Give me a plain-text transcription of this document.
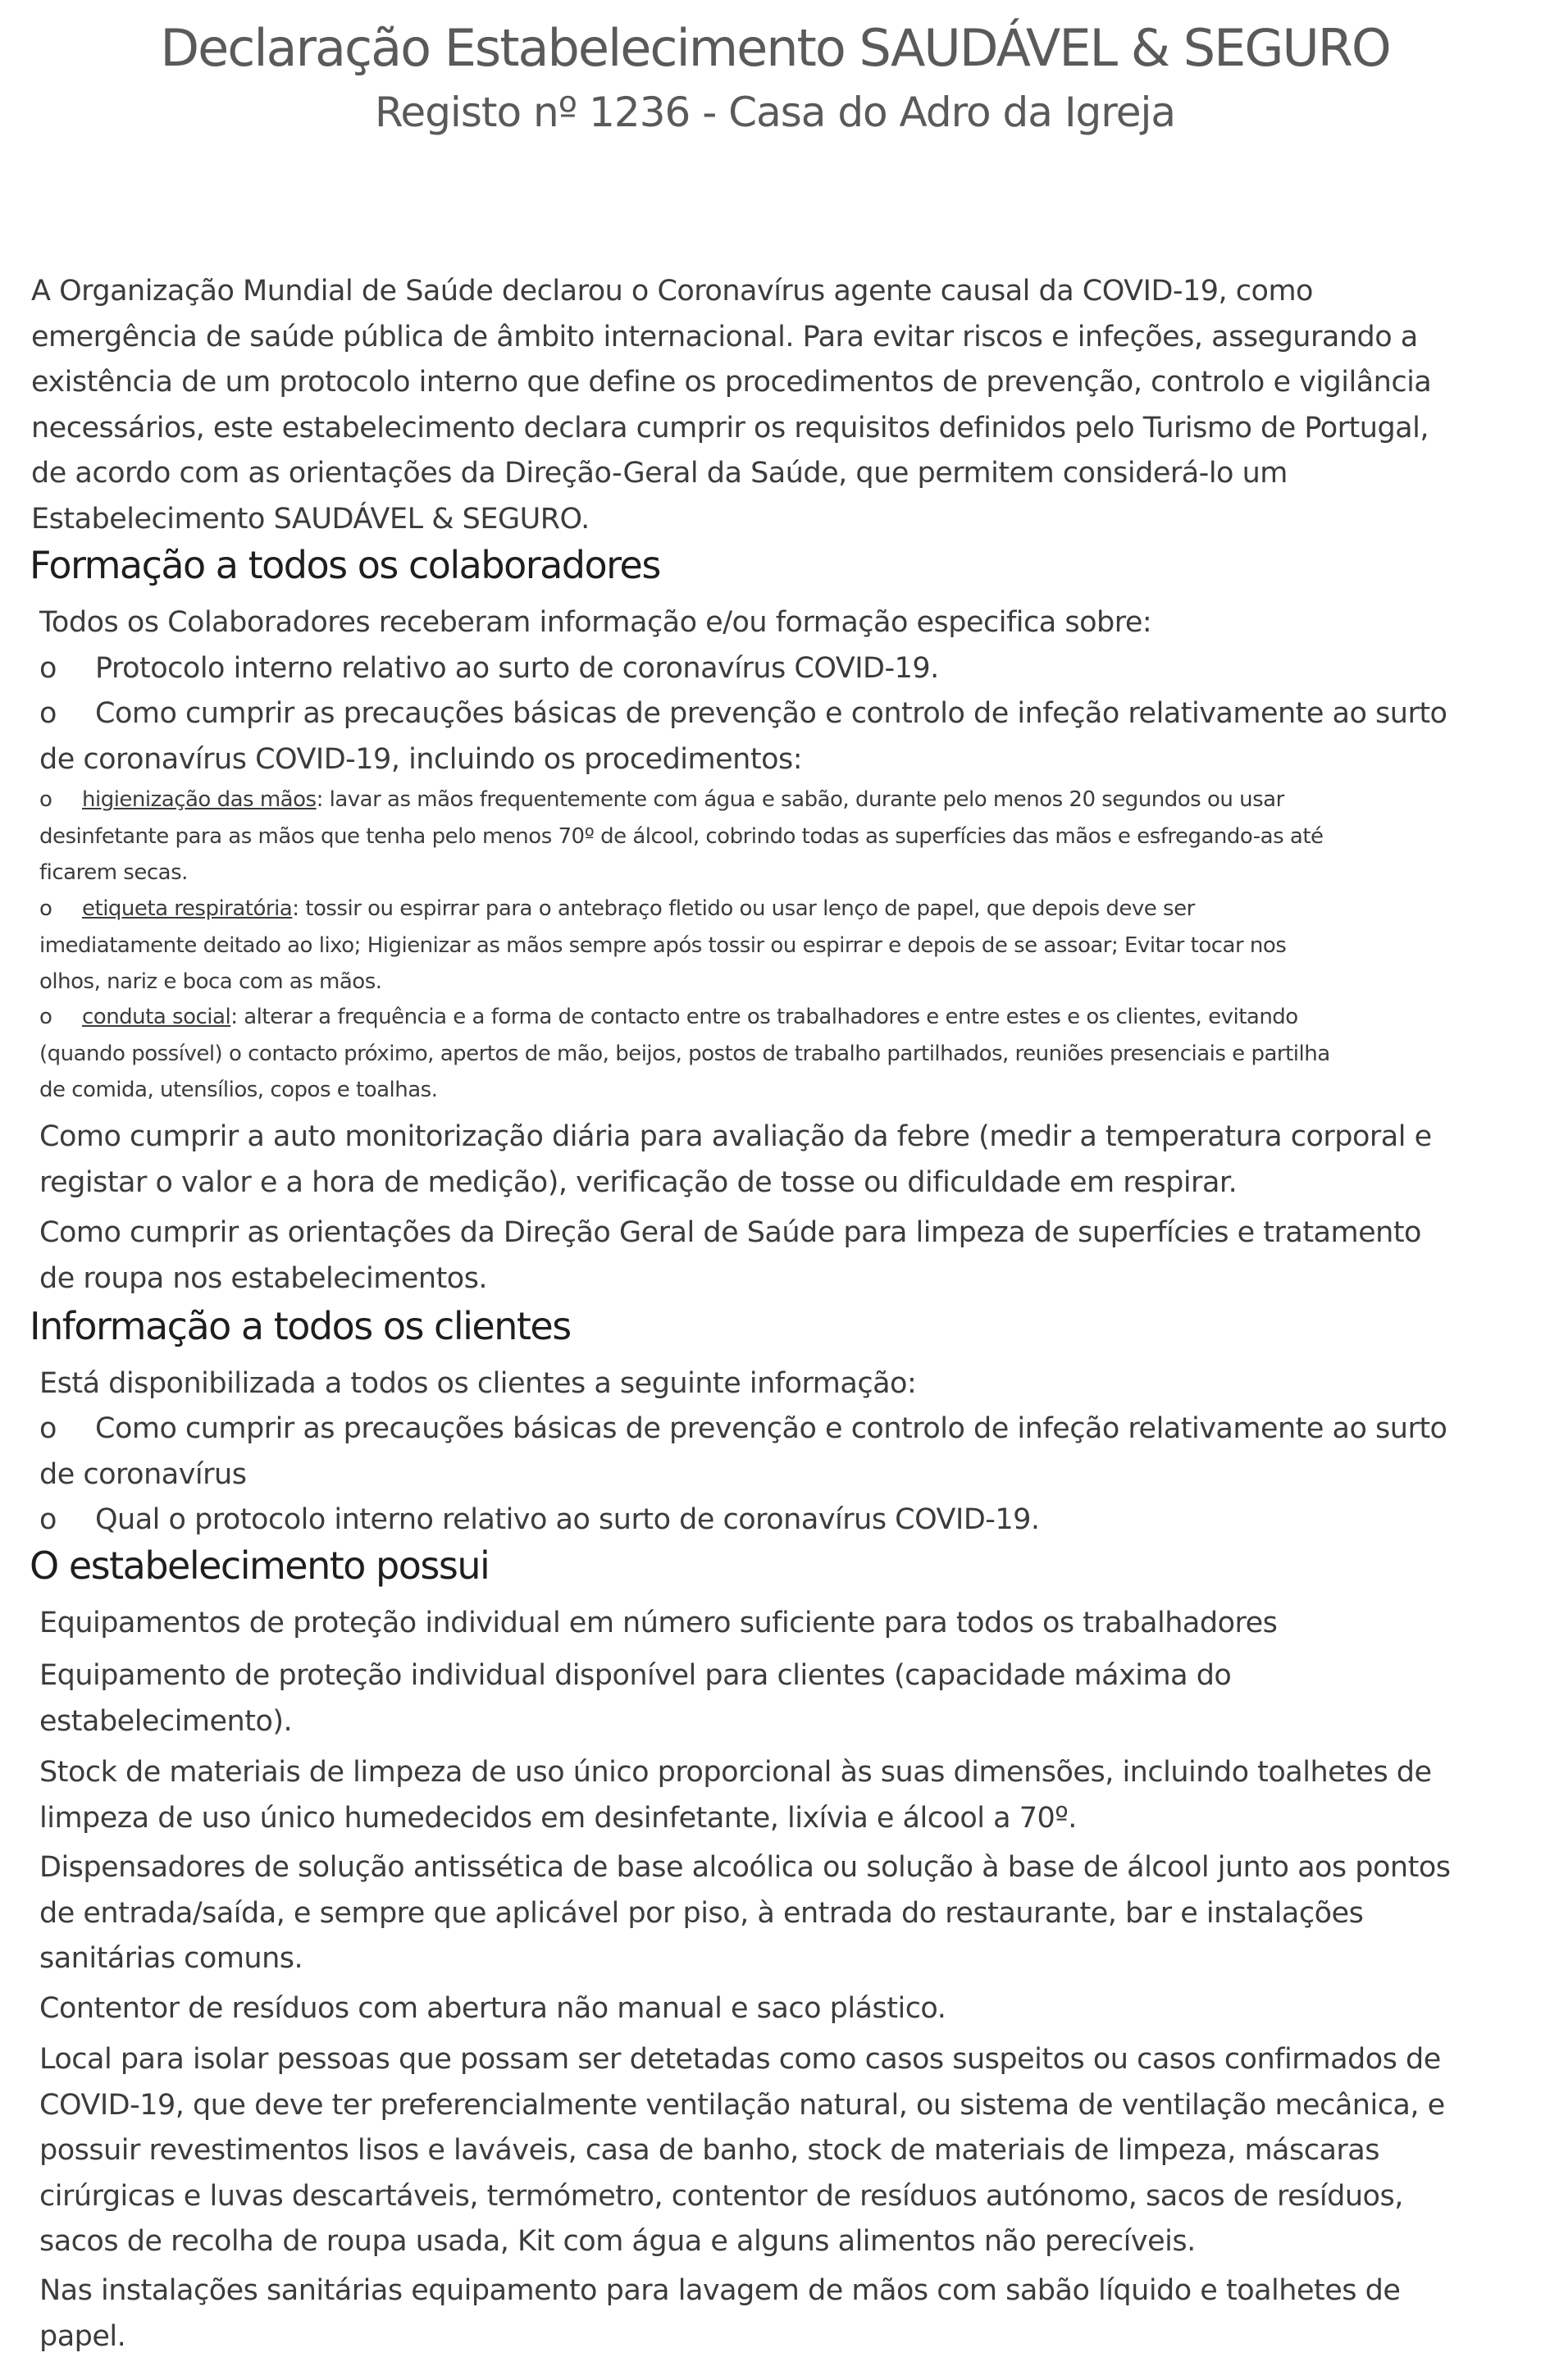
Declaração Estabelecimento SAUDÁVEL & SEGURO
Registo nº 1236 - Casa do Adro da Igreja
A Organização Mundial de Saúde declarou o Coronavírus agente causal da COVID-19, como
emergência de saúde pública de âmbito internacional. Para evitar riscos e infeções, assegurando a
existência de um protocolo interno que define os procedimentos de prevenção, controlo e vigilância
necessários, este estabelecimento declara cumprir os requisitos definidos pelo Turismo de Portugal,
de acordo com as orientações da Direção-Geral da Saúde, que permitem considerá-lo um
Estabelecimento SAUDÁVEL & SEGURO.
Formação a todos os colaboradores
Todos os Colaboradores receberam informação e/ou formação especifica sobre:
o Protocolo interno relativo ao surto de coronavírus COVID-19.
o Como cumprir as precauções básicas de prevenção e controlo de infeção relativamente ao surto
de coronavírus COVID-19, incluindo os procedimentos:
o higienização das mãos: lavar as mãos frequentemente com água e sabão, durante pelo menos 20 segundos ou usar
desinfetante para as mãos que tenha pelo menos 70º de álcool, cobrindo todas as superfícies das mãos e esfregando-as até
ficarem secas.
o etiqueta respiratória: tossir ou espirrar para o antebraço fletido ou usar lenço de papel, que depois deve ser
imediatamente deitado ao lixo; Higienizar as mãos sempre após tossir ou espirrar e depois de se assoar; Evitar tocar nos
olhos, nariz e boca com as mãos.
o conduta social: alterar a frequência e a forma de contacto entre os trabalhadores e entre estes e os clientes, evitando
(quando possível) o contacto próximo, apertos de mão, beijos, postos de trabalho partilhados, reuniões presenciais e partilha
de comida, utensílios, copos e toalhas.
Como cumprir a auto monitorização diária para avaliação da febre (medir a temperatura corporal e
registar o valor e a hora de medição), verificação de tosse ou dificuldade em respirar.
Como cumprir as orientações da Direção Geral de Saúde para limpeza de superfícies e tratamento
de roupa nos estabelecimentos.
Informação a todos os clientes
Está disponibilizada a todos os clientes a seguinte informação:
o Como cumprir as precauções básicas de prevenção e controlo de infeção relativamente ao surto
de coronavírus
o Qual o protocolo interno relativo ao surto de coronavírus COVID-19.
O estabelecimento possui
Equipamentos de proteção individual em número suficiente para todos os trabalhadores
Equipamento de proteção individual disponível para clientes (capacidade máxima do
estabelecimento).
Stock de materiais de limpeza de uso único proporcional às suas dimensões, incluindo toalhetes de
limpeza de uso único humedecidos em desinfetante, lixívia e álcool a 70º.
Dispensadores de solução antissética de base alcoólica ou solução à base de álcool junto aos pontos
de entrada/saída, e sempre que aplicável por piso, à entrada do restaurante, bar e instalações
sanitárias comuns.
Contentor de resíduos com abertura não manual e saco plástico.
Local para isolar pessoas que possam ser detetadas como casos suspeitos ou casos confirmados de
COVID-19, que deve ter preferencialmente ventilação natural, ou sistema de ventilação mecânica, e
possuir revestimentos lisos e laváveis, casa de banho, stock de materiais de limpeza, máscaras
cirúrgicas e luvas descartáveis, termómetro, contentor de resíduos autónomo, sacos de resíduos,
sacos de recolha de roupa usada, Kit com água e alguns alimentos não perecíveis.
Nas instalações sanitárias equipamento para lavagem de mãos com sabão líquido e toalhetes de
papel.
